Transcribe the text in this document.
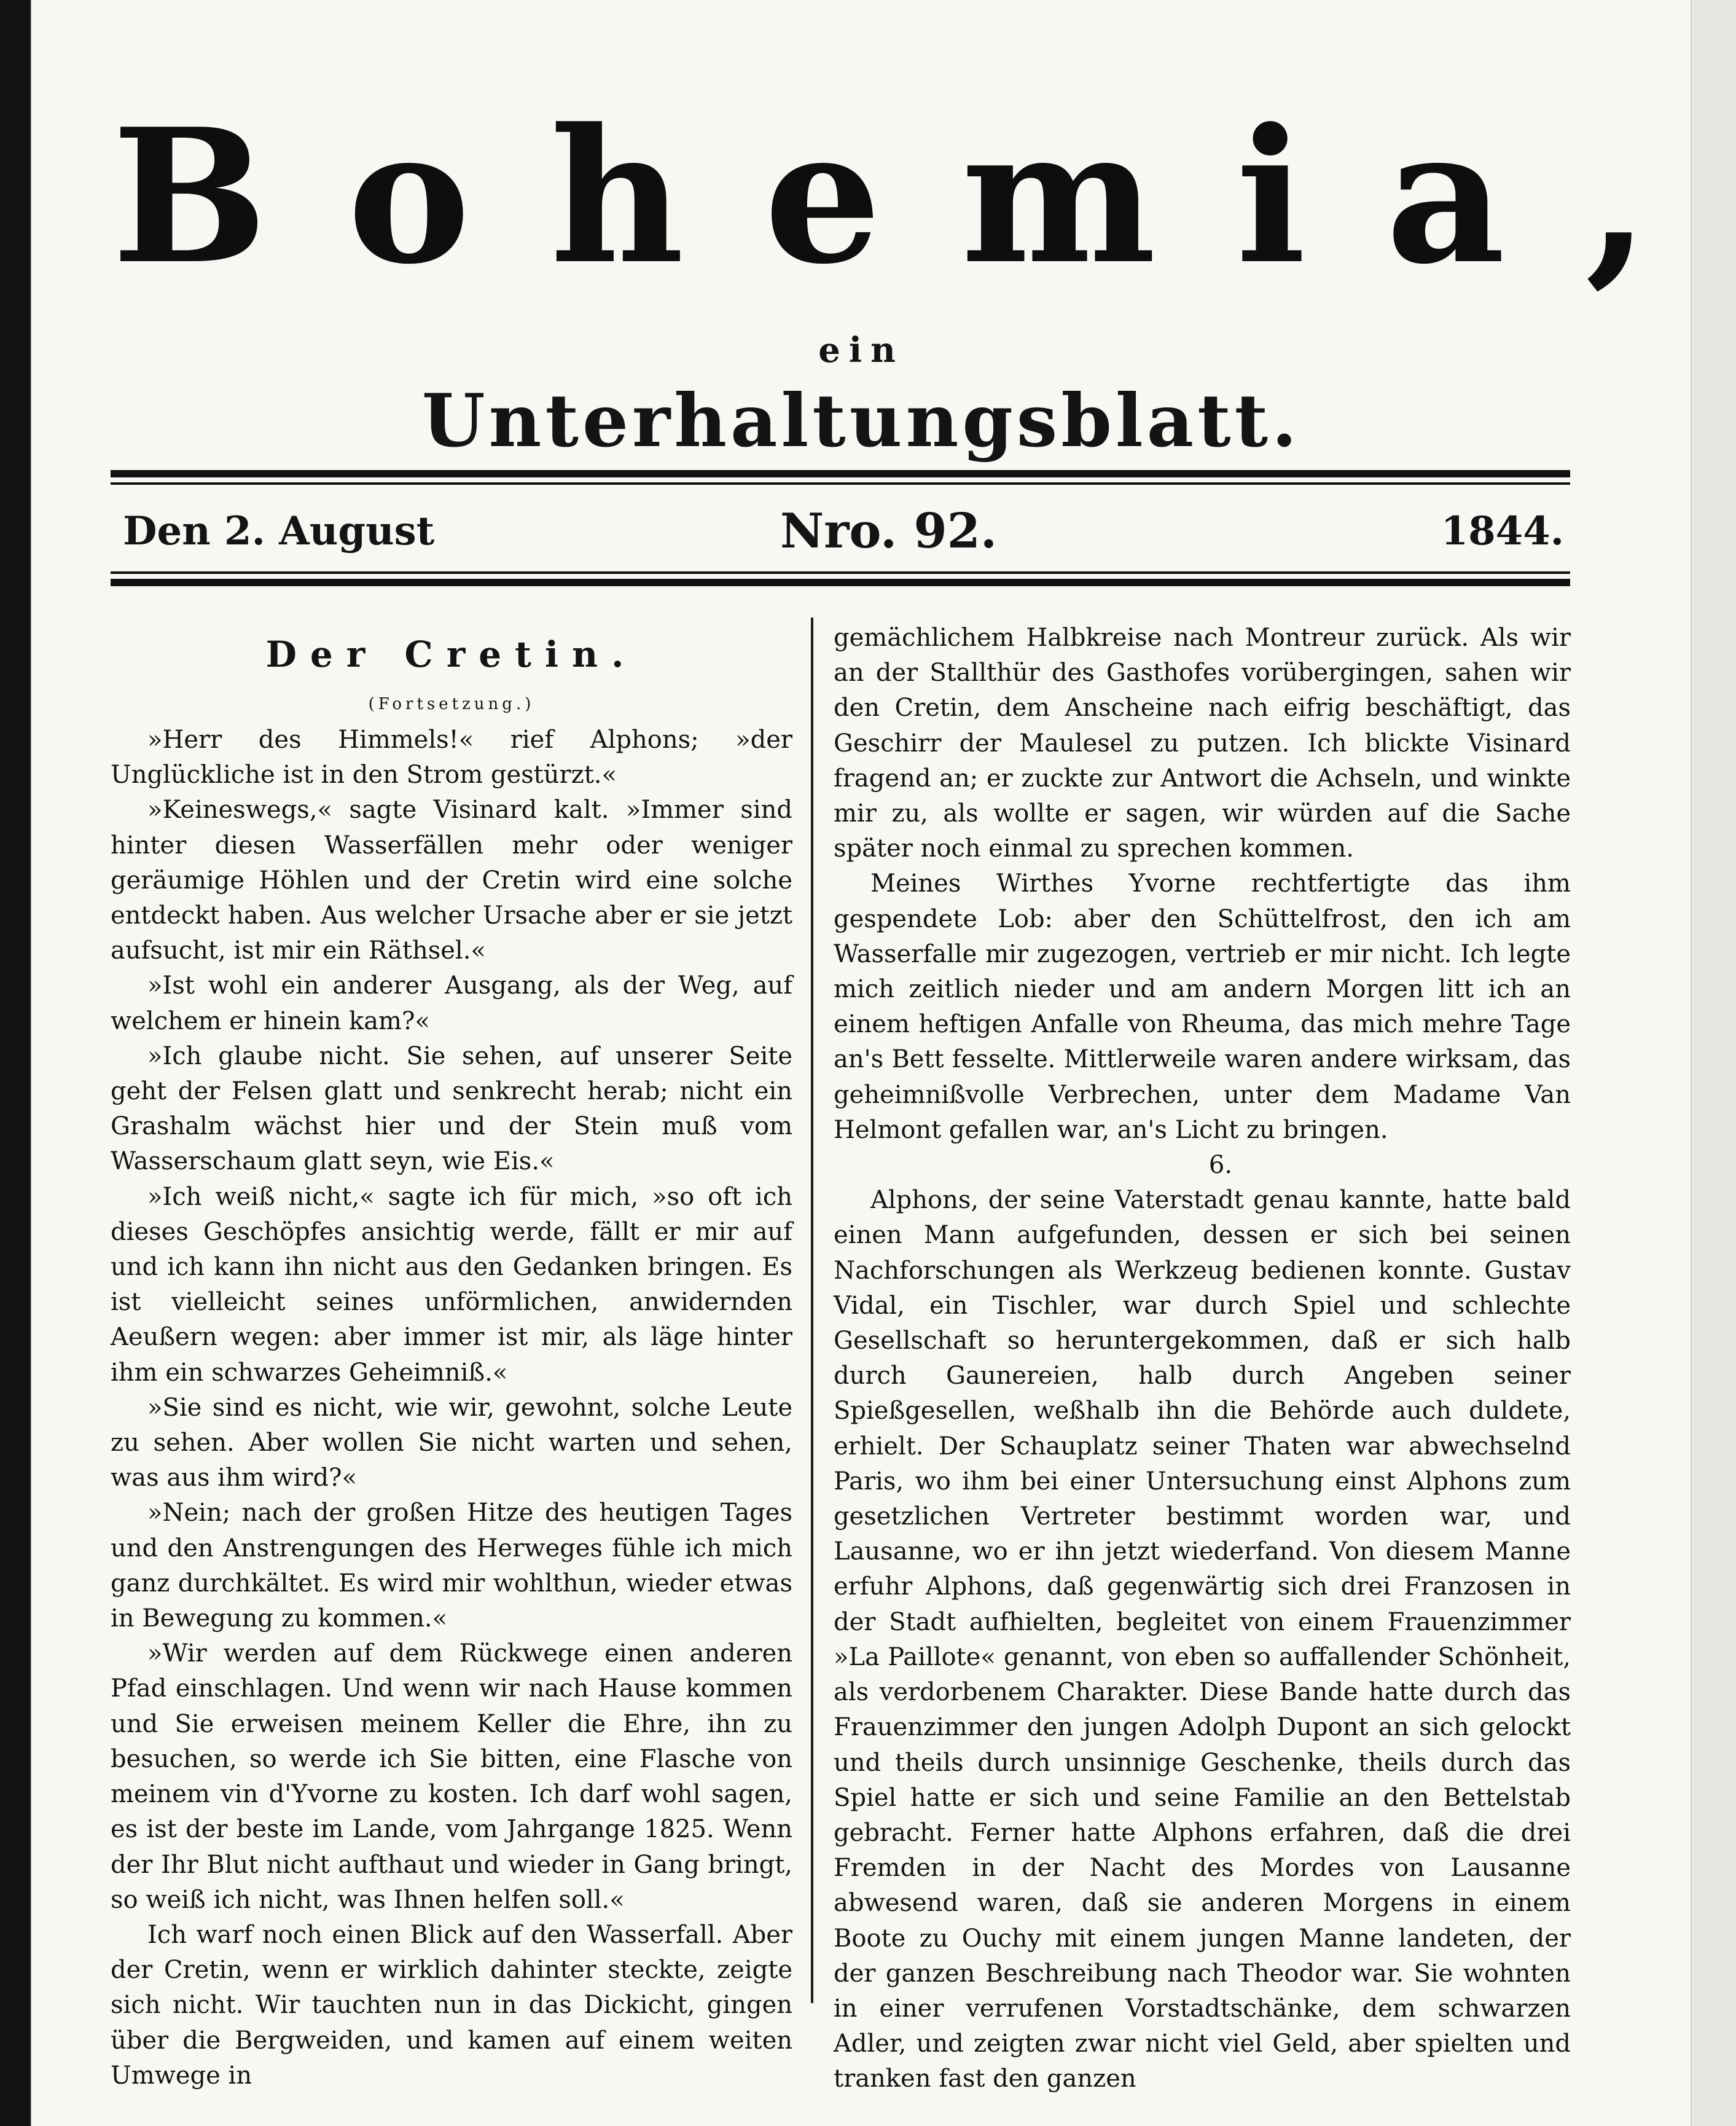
Bohemia,
ein
Unterhaltungsblatt.
Den 2. August	Nro. 92.	1844.
Der Cretin.
(Fortsetzung.)

»Herr des Himmels!« rief Alphons; »der Unglückliche ist in den Strom gestürzt.«

»Keineswegs,« sagte Visinard kalt. »Immer sind hinter diesen Wasserfällen mehr oder weniger geräumige Höhlen und der Cretin wird eine solche entdeckt haben. Aus welcher Ursache aber er sie jetzt aufsucht, ist mir ein Räthsel.«

»Ist wohl ein anderer Ausgang, als der Weg, auf welchem er hinein kam?«

»Ich glaube nicht. Sie sehen, auf unserer Seite geht der Felsen glatt und senkrecht herab; nicht ein Grashalm wächst hier und der Stein muß vom Wasserschaum glatt seyn, wie Eis.«

»Ich weiß nicht,« sagte ich für mich, »so oft ich dieses Geschöpfes ansichtig werde, fällt er mir auf und ich kann ihn nicht aus den Gedanken bringen. Es ist vielleicht seines unförmlichen, anwidernden Aeußern wegen: aber immer ist mir, als läge hinter ihm ein schwarzes Geheimniß.«

»Sie sind es nicht, wie wir, gewohnt, solche Leute zu sehen. Aber wollen Sie nicht warten und sehen, was aus ihm wird?«

»Nein; nach der großen Hitze des heutigen Tages und den Anstrengungen des Herweges fühle ich mich ganz durchkältet. Es wird mir wohlthun, wieder etwas in Bewegung zu kommen.«

»Wir werden auf dem Rückwege einen anderen Pfad einschlagen. Und wenn wir nach Hause kommen und Sie erweisen meinem Keller die Ehre, ihn zu besuchen, so werde ich Sie bitten, eine Flasche von meinem vin d'Yvorne zu kosten. Ich darf wohl sagen, es ist der beste im Lande, vom Jahrgange 1825. Wenn der Ihr Blut nicht aufthaut und wieder in Gang bringt, so weiß ich nicht, was Ihnen helfen soll.«

Ich warf noch einen Blick auf den Wasserfall. Aber der Cretin, wenn er wirklich dahinter steckte, zeigte sich nicht. Wir tauchten nun in das Dickicht, gingen über die Bergweiden, und kamen auf einem weiten Umwege in

gemächlichem Halbkreise nach Montreur zurück. Als wir an der Stallthür des Gasthofes vorübergingen, sahen wir den Cretin, dem Anscheine nach eifrig beschäftigt, das Geschirr der Maulesel zu putzen. Ich blickte Visinard fragend an; er zuckte zur Antwort die Achseln, und winkte mir zu, als wollte er sagen, wir würden auf die Sache später noch einmal zu sprechen kommen.

Meines Wirthes Yvorne rechtfertigte das ihm gespendete Lob: aber den Schüttelfrost, den ich am Wasserfalle mir zugezogen, vertrieb er mir nicht. Ich legte mich zeitlich nieder und am andern Morgen litt ich an einem heftigen Anfalle von Rheuma, das mich mehre Tage an's Bett fesselte. Mittlerweile waren andere wirksam, das geheimnißvolle Verbrechen, unter dem Madame Van Helmont gefallen war, an's Licht zu bringen.

6.

Alphons, der seine Vaterstadt genau kannte, hatte bald einen Mann aufgefunden, dessen er sich bei seinen Nachforschungen als Werkzeug bedienen konnte. Gustav Vidal, ein Tischler, war durch Spiel und schlechte Gesellschaft so heruntergekommen, daß er sich halb durch Gaunereien, halb durch Angeben seiner Spießgesellen, weßhalb ihn die Behörde auch duldete, erhielt. Der Schauplatz seiner Thaten war abwechselnd Paris, wo ihm bei einer Untersuchung einst Alphons zum gesetzlichen Vertreter bestimmt worden war, und Lausanne, wo er ihn jetzt wiederfand. Von diesem Manne erfuhr Alphons, daß gegenwärtig sich drei Franzosen in der Stadt aufhielten, begleitet von einem Frauenzimmer »La Paillote« genannt, von eben so auffallender Schönheit, als verdorbenem Charakter. Diese Bande hatte durch das Frauenzimmer den jungen Adolph Dupont an sich gelockt und theils durch unsinnige Geschenke, theils durch das Spiel hatte er sich und seine Familie an den Bettelstab gebracht. Ferner hatte Alphons erfahren, daß die drei Fremden in der Nacht des Mordes von Lausanne abwesend waren, daß sie anderen Morgens in einem Boote zu Ouchy mit einem jungen Manne landeten, der der ganzen Beschreibung nach Theodor war. Sie wohnten in einer verrufenen Vorstadtschänke, dem schwarzen Adler, und zeigten zwar nicht viel Geld, aber spielten und tranken fast den ganzen
